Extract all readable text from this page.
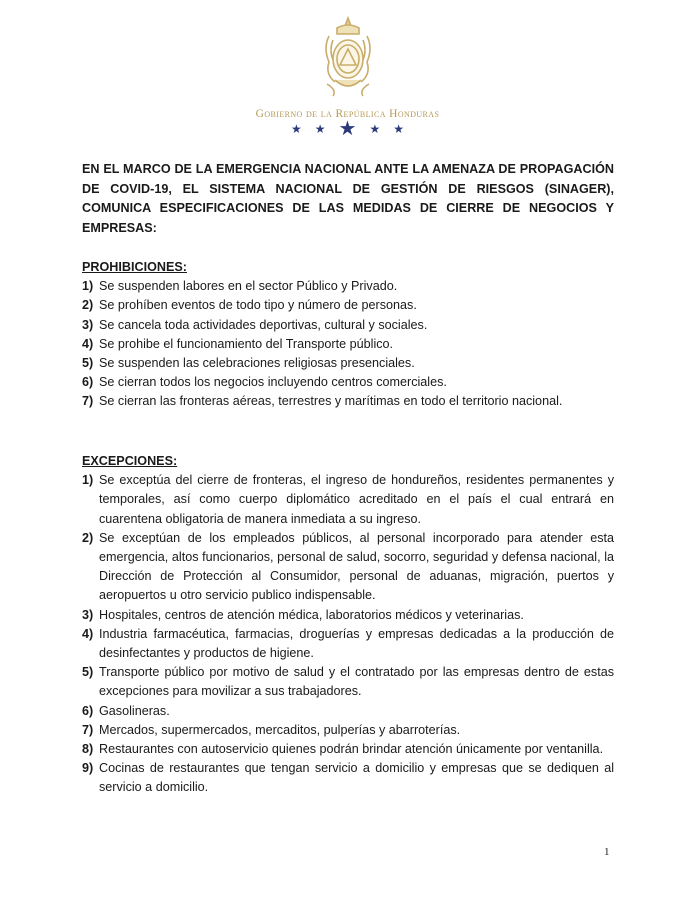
Gobierno de la República Honduras
★ ★ ★ ★ ★
EN EL MARCO DE LA EMERGENCIA NACIONAL ANTE LA AMENAZA DE PROPAGACIÓN DE COVID-19, EL SISTEMA NACIONAL DE GESTIÓN DE RIESGOS (SINAGER), COMUNICA ESPECIFICACIONES DE LAS MEDIDAS DE CIERRE DE NEGOCIOS Y EMPRESAS:
PROHIBICIONES:
1) Se suspenden labores en el sector Público y Privado.
2) Se prohíben eventos de todo tipo y número de personas.
3) Se cancela toda actividades deportivas, cultural y sociales.
4) Se prohibe el funcionamiento del Transporte público.
5) Se suspenden las celebraciones religiosas presenciales.
6) Se cierran todos los negocios incluyendo centros comerciales.
7) Se cierran las fronteras aéreas, terrestres y marítimas en todo el territorio nacional.
EXCEPCIONES:
1) Se exceptúa del cierre de fronteras, el ingreso de hondureños, residentes permanentes y temporales, así como cuerpo diplomático acreditado en el país el cual entrará en cuarentena obligatoria de manera inmediata a su ingreso.
2) Se exceptúan de los empleados públicos, al personal incorporado para atender esta emergencia, altos funcionarios, personal de salud, socorro, seguridad y defensa nacional, la Dirección de Protección al Consumidor, personal de aduanas, migración, puertos y aeropuertos u otro servicio publico indispensable.
3) Hospitales, centros de atención médica, laboratorios médicos y veterinarias.
4) Industria farmacéutica, farmacias, droguerías y empresas dedicadas a la producción de desinfectantes y productos de higiene.
5) Transporte público por motivo de salud y el contratado por las empresas dentro de estas excepciones para movilizar a sus trabajadores.
6) Gasolineras.
7) Mercados, supermercados, mercaditos, pulperías y abarroterías.
8) Restaurantes con autoservicio quienes podrán brindar atención únicamente por ventanilla.
9) Cocinas de restaurantes que tengan servicio a domicilio y empresas que se dediquen al servicio a domicilio.
1
